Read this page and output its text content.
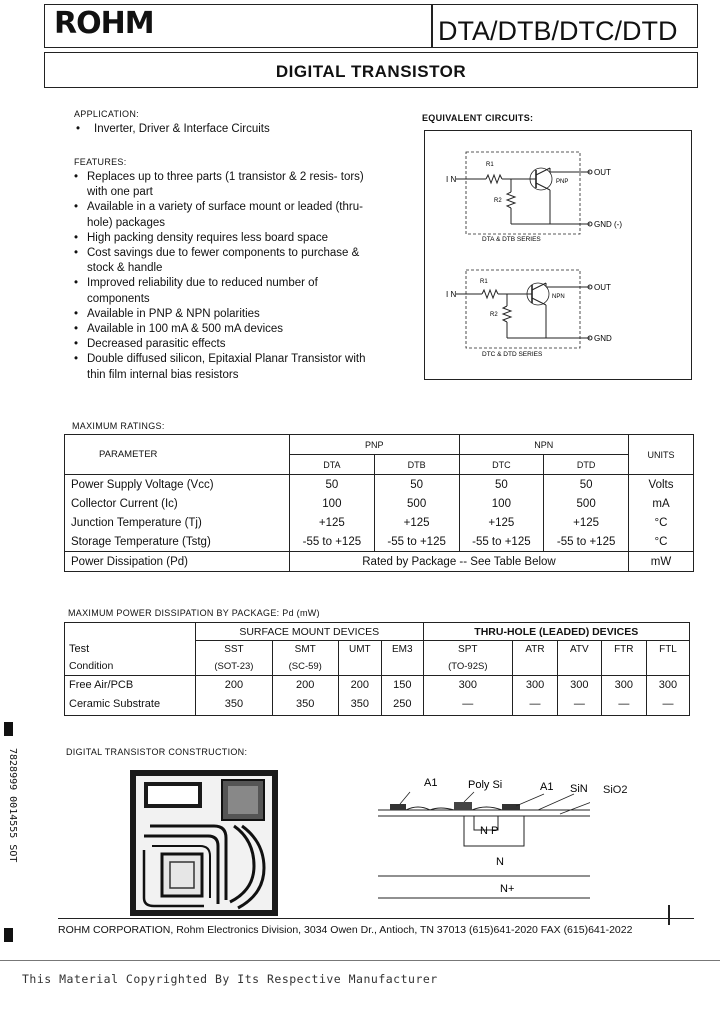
ROHM	DTA/DTB/DTC/DTD
DIGITAL TRANSISTOR
APPLICATION:
• Inverter, Driver & Interface Circuits
FEATURES:
• Replaces up to three parts (1 transistor & 2 resis- tors) with one part
• Available in a variety of surface mount or leaded (thru-hole) packages
• High packing density requires less board space
• Cost savings due to fewer components to purchase & stock & handle
• Improved reliability due to reduced number of components
• Available in PNP & NPN polarities
• Available in 100 mA & 500 mA devices
• Decreased parasitic effects
• Double diffused silicon, Epitaxial Planar Transistor with thin film internal bias resistors
EQUIVALENT CIRCUITS:
I N
R1
R2
PNP
OUT
GND (-)
DTA & DTB SERIES
I N
R1
R2
NPN
OUT
GND
DTC & DTD SERIES
MAXIMUM RATINGS:
PARAMETER	PNP		NPN		UNITS
	DTA	DTB	DTC	DTD	
Power Supply Voltage (Vcc)	50	50	50	50	Volts
Collector Current (Ic)	100	500	100	500	mA
Junction Temperature (Tj)	+125	+125	+125	+125	°C
Storage Temperature (Tstg)	-55 to +125	-55 to +125	-55 to +125	-55 to +125	°C
Power Dissipation (Pd)	Rated by Package -- See Table Below				mW
MAXIMUM POWER DISSIPATION BY PACKAGE: Pd (mW)
Test
Condition	SURFACE MOUNT DEVICES				THRU-HOLE (LEADED) DEVICES				
	SST	SMT	UMT	EM3	SPT	ATR	ATV	FTR	FTL
	(SOT-23)	(SC-59)			(TO-92S)				
Free Air/PCB	200	200	200	150	300	300	300	300	300
Ceramic Substrate	350	350	350	250	—	—	—	—	—
DIGITAL TRANSISTOR CONSTRUCTION:
A1	Poly Si	A1 SiN
N P
N
N+
SiO2
ROHM CORPORATION, Rohm Electronics Division, 3034 Owen Dr., Antioch, TN 37013 (615)641-2020 FAX (615)641-2022
This Material Copyrighted By Its Respective Manufacturer
7828999 0014555 SOT
